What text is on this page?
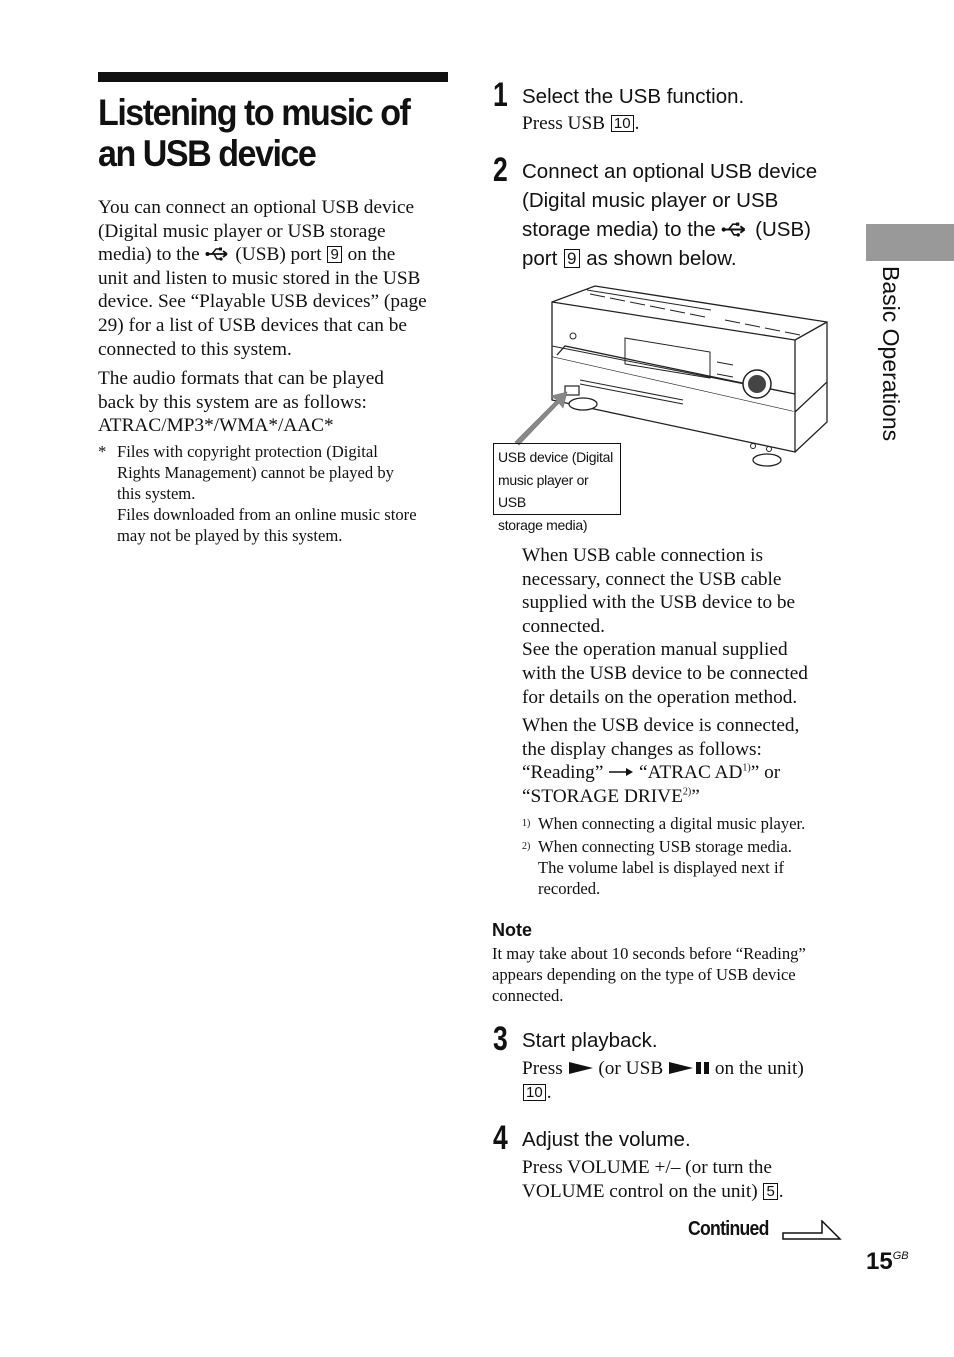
Listening to music of
an USB device
You can connect an optional USB device
(Digital music player or USB storage
media) to the (USB) port 9 on the
unit and listen to music stored in the USB
device. See “Playable USB devices” (page
29) for a list of USB devices that can be
connected to this system.
The audio formats that can be played
back by this system are as follows:
ATRAC/MP3*/WMA*/AAC*
* Files with copyright protection (Digital
Rights Management) cannot be played by
this system.
Files downloaded from an online music store
may not be played by this system.
1 Select the USB function.
Press USB 10 .
2 Connect an optional USB device
(Digital music player or USB
storage media) to the (USB)
port 9 as shown below.
USB device (Digital
music player or USB
storage media)
When USB cable connection is
necessary, connect the USB cable
supplied with the USB device to be
connected.
See the operation manual supplied
with the USB device to be connected
for details on the operation method.
When the USB device is connected,
the display changes as follows:
“Reading” “ATRAC AD$^{1)}$” or
“STORAGE DRIVE$^{2)}$”
1) When connecting a digital music player.
2) When connecting USB storage media.
The volume label is displayed next if
recorded.
Note
It may take about 10 seconds before “Reading”
appears depending on the type of USB device
connected.
3 Start playback.
Press (or USB	on the unit)
10 .
4 Adjust the volume.
Press VOLUME +/– (or turn the
VOLUME control on the unit) 5 .
Continued
$15^{GB}$
Basic Operations
